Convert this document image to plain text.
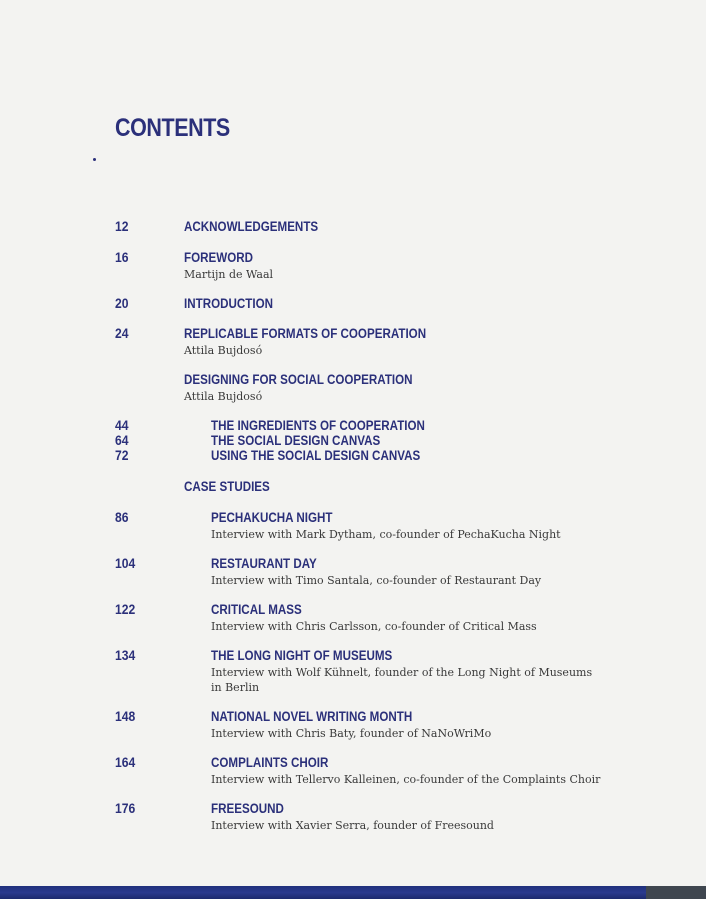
CONTENTS
12	ACKNOWLEDGEMENTS
16	FOREWORD
Martijn de Waal
20	INTRODUCTION
24	REPLICABLE FORMATS OF COOPERATION
Attila Bujdosó
DESIGNING FOR SOCIAL COOPERATION
Attila Bujdosó
44	THE INGREDIENTS OF COOPERATION
64	THE SOCIAL DESIGN CANVAS
72	USING THE SOCIAL DESIGN CANVAS
CASE STUDIES
86	PECHAKUCHA NIGHT
Interview with Mark Dytham, co-founder of PechaKucha Night
104	RESTAURANT DAY
Interview with Timo Santala, co-founder of Restaurant Day
122	CRITICAL MASS
Interview with Chris Carlsson, co-founder of Critical Mass
134	THE LONG NIGHT OF MUSEUMS
Interview with Wolf Kühnelt, founder of the Long Night of Museums
in Berlin
148	NATIONAL NOVEL WRITING MONTH
Interview with Chris Baty, founder of NaNoWriMo
164	COMPLAINTS CHOIR
Interview with Tellervo Kalleinen, co-founder of the Complaints Choir
176	FREESOUND
Interview with Xavier Serra, founder of Freesound
